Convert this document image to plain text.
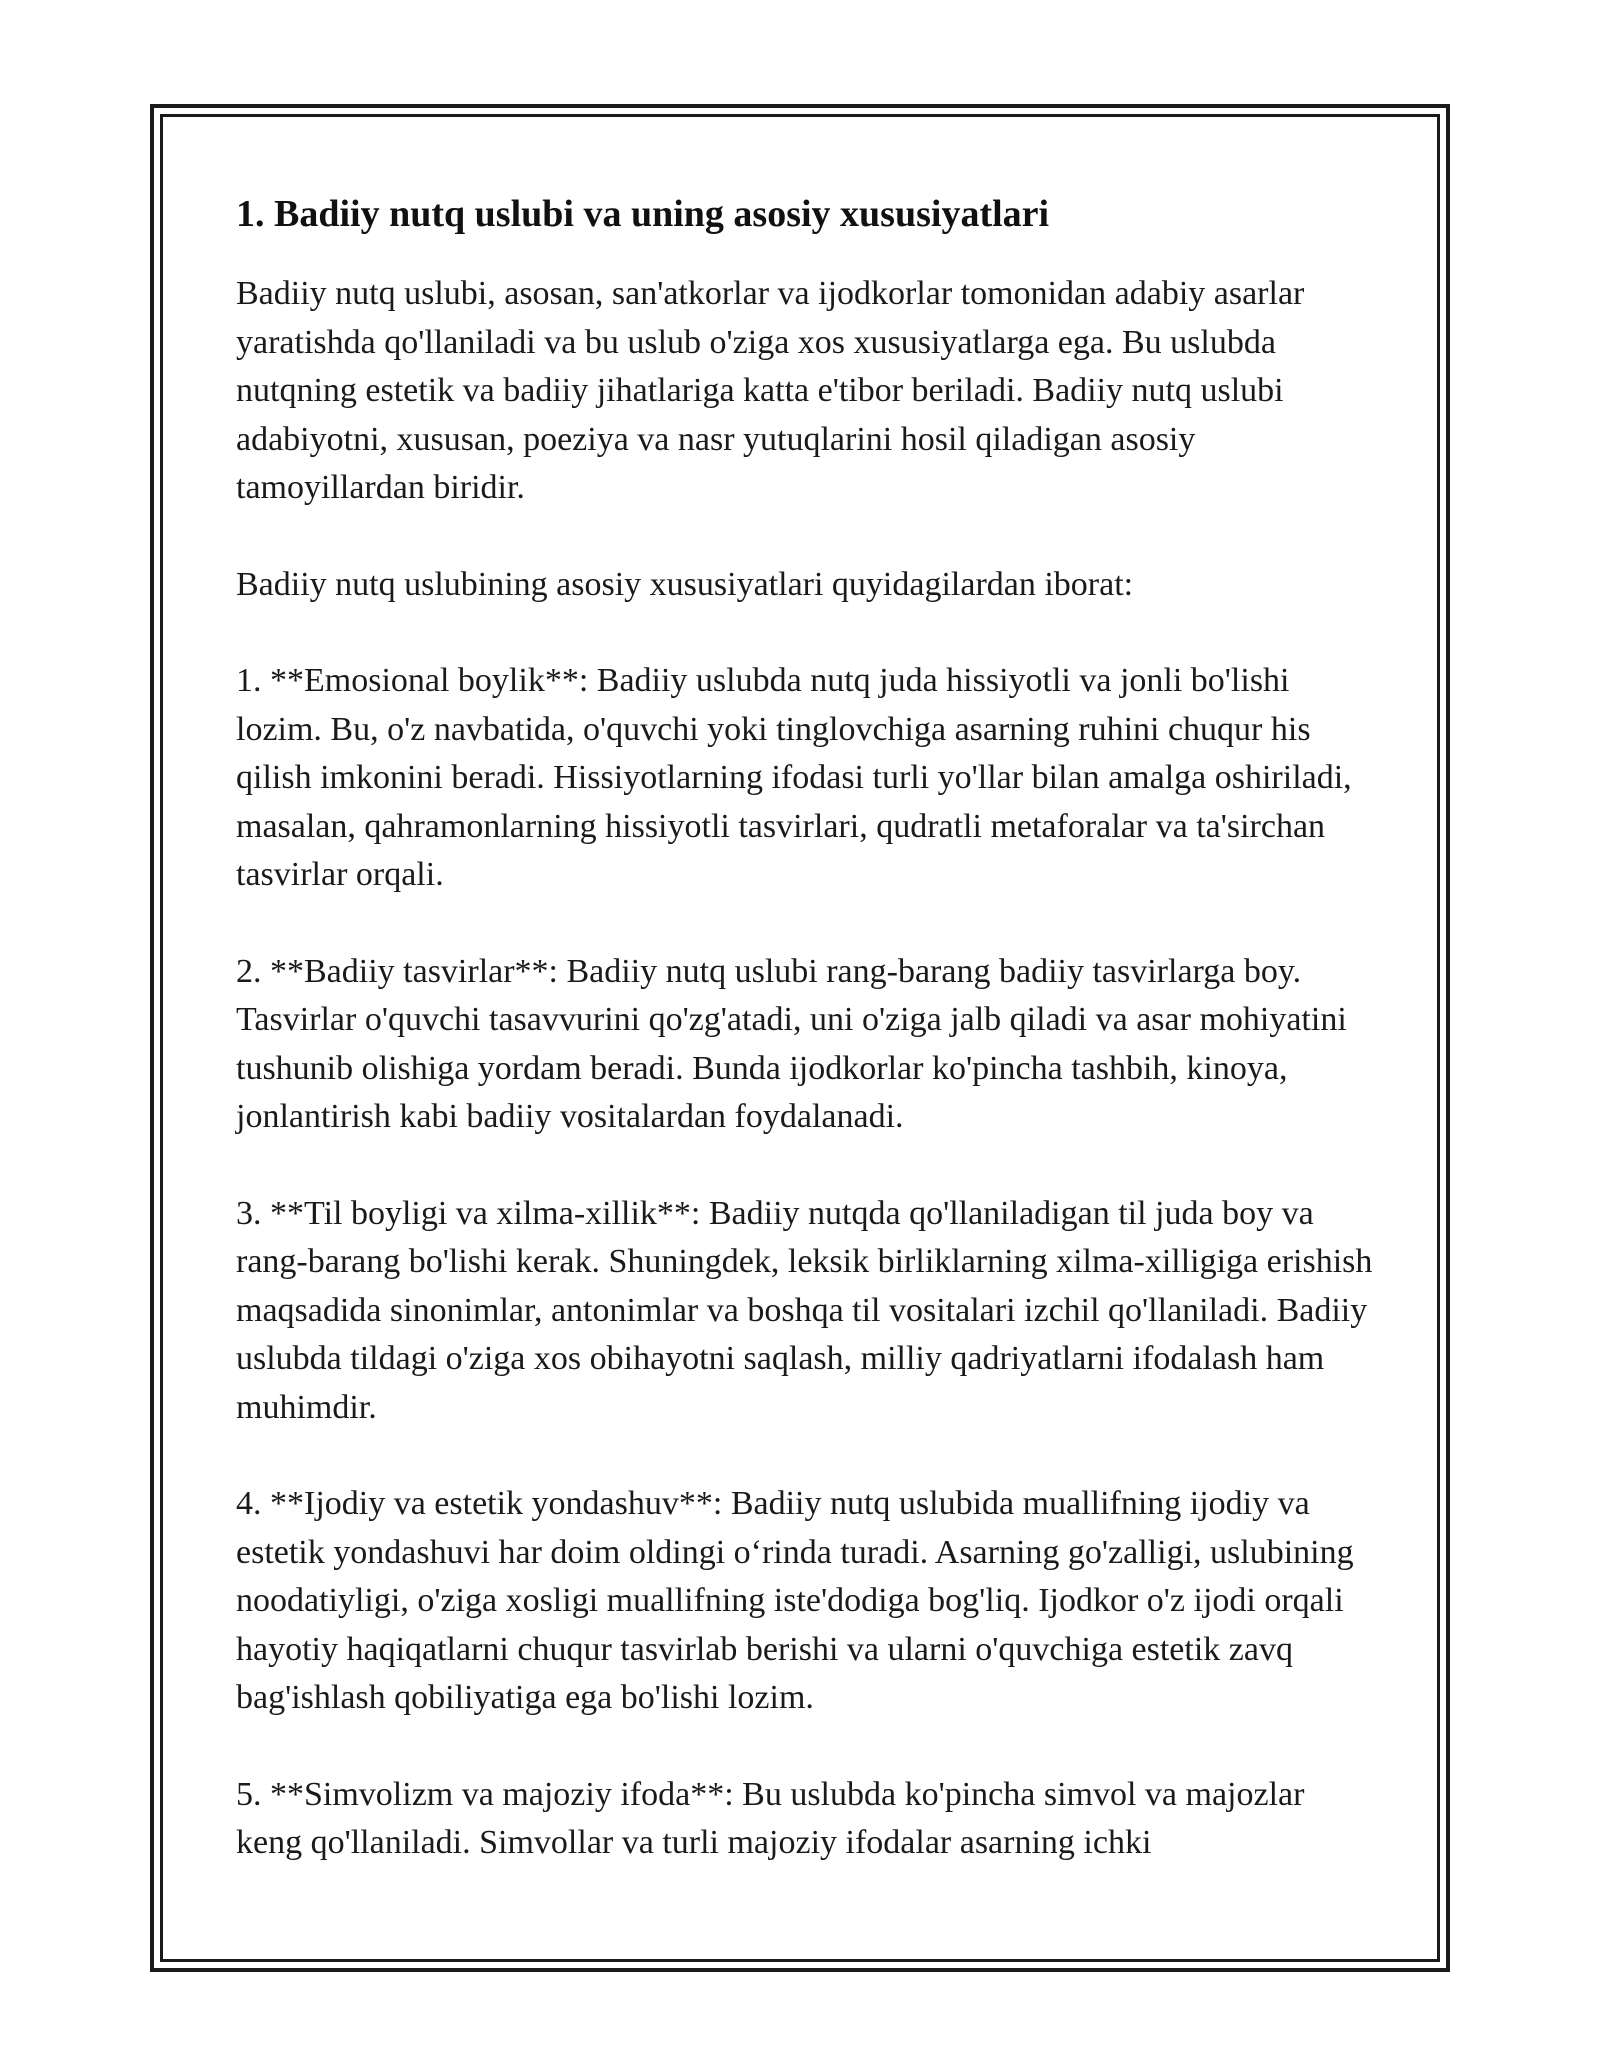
1. Badiiy nutq uslubi va uning asosiy xususiyatlari

Badiiy nutq uslubi, asosan, san'atkorlar va ijodkorlar tomonidan adabiy asarlar yaratishda qo'llaniladi va bu uslub o'ziga xos xususiyatlarga ega. Bu uslubda nutqning estetik va badiiy jihatlariga katta e'tibor beriladi. Badiiy nutq uslubi adabiyotni, xususan, poeziya va nasr yutuqlarini hosil qiladigan asosiy tamoyillardan biridir.

Badiiy nutq uslubining asosiy xususiyatlari quyidagilardan iborat:

1. **Emosional boylik**: Badiiy uslubda nutq juda hissiyotli va jonli bo'lishi lozim. Bu, o'z navbatida, o'quvchi yoki tinglovchiga asarning ruhini chuqur his qilish imkonini beradi. Hissiyotlarning ifodasi turli yo'llar bilan amalga oshiriladi, masalan, qahramonlarning hissiyotli tasvirlari, qudratli metaforalar va ta'sirchan tasvirlar orqali.

2. **Badiiy tasvirlar**: Badiiy nutq uslubi rang-barang badiiy tasvirlarga boy. Tasvirlar o'quvchi tasavvurini qo'zg'atadi, uni o'ziga jalb qiladi va asar mohiyatini tushunib olishiga yordam beradi. Bunda ijodkorlar ko'pincha tashbih, kinoya, jonlantirish kabi badiiy vositalardan foydalanadi.

3. **Til boyligi va xilma-xillik**: Badiiy nutqda qo'llaniladigan til juda boy va rang-barang bo'lishi kerak. Shuningdek, leksik birliklarning xilma-xilligiga erishish maqsadida sinonimlar, antonimlar va boshqa til vositalari izchil qo'llaniladi. Badiiy uslubda tildagi o'ziga xos obihayotni saqlash, milliy qadriyatlarni ifodalash ham muhimdir.

4. **Ijodiy va estetik yondashuv**: Badiiy nutq uslubida muallifning ijodiy va estetik yondashuvi har doim oldingi o‘rinda turadi. Asarning go'zalligi, uslubining noodatiyligi, o'ziga xosligi muallifning iste'dodiga bog'liq. Ijodkor o'z ijodi orqali hayotiy haqiqatlarni chuqur tasvirlab berishi va ularni o'quvchiga estetik zavq bag'ishlash qobiliyatiga ega bo'lishi lozim.

5. **Simvolizm va majoziy ifoda**: Bu uslubda ko'pincha simvol va majozlar keng qo'llaniladi. Simvollar va turli majoziy ifodalar asarning ichki
